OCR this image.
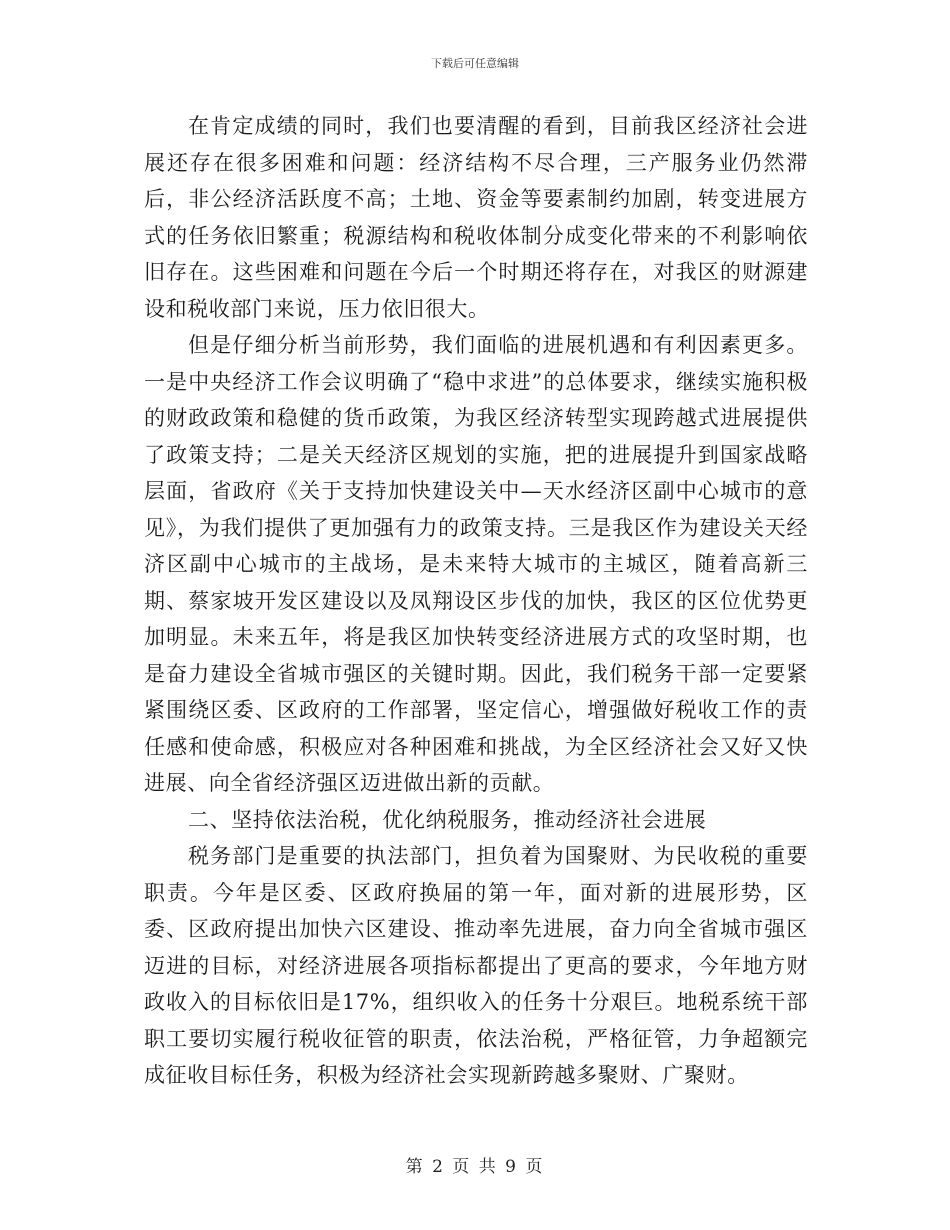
下载后可任意编辑

在肯定成绩的同时，我们也要清醒的看到，目前我区经济社会进展还存在很多困难和问题：经济结构不尽合理，三产服务业仍然滞后，非公经济活跃度不高；土地、资金等要素制约加剧，转变进展方式的任务依旧繁重；税源结构和税收体制分成变化带来的不利影响依旧存在。这些困难和问题在今后一个时期还将存在，对我区的财源建设和税收部门来说，压力依旧很大。

但是仔细分析当前形势，我们面临的进展机遇和有利因素更多。一是中央经济工作会议明确了“稳中求进”的总体要求，继续实施积极的财政政策和稳健的货币政策，为我区经济转型实现跨越式进展提供了政策支持；二是关天经济区规划的实施，把的进展提升到国家战略层面，省政府《关于支持加快建设关中—天水经济区副中心城市的意见》，为我们提供了更加强有力的政策支持。三是我区作为建设关天经济区副中心城市的主战场，是未来特大城市的主城区，随着高新三期、蔡家坡开发区建设以及凤翔设区步伐的加快，我区的区位优势更加明显。未来五年，将是我区加快转变经济进展方式的攻坚时期，也是奋力建设全省城市强区的关键时期。因此，我们税务干部一定要紧紧围绕区委、区政府的工作部署，坚定信心，增强做好税收工作的责任感和使命感，积极应对各种困难和挑战，为全区经济社会又好又快进展、向全省经济强区迈进做出新的贡献。

二、坚持依法治税，优化纳税服务，推动经济社会进展

税务部门是重要的执法部门，担负着为国聚财、为民收税的重要职责。今年是区委、区政府换届的第一年，面对新的进展形势，区委、区政府提出加快六区建设、推动率先进展，奋力向全省城市强区迈进的目标，对经济进展各项指标都提出了更高的要求，今年地方财政收入的目标依旧是17%，组织收入的任务十分艰巨。地税系统干部职工要切实履行税收征管的职责，依法治税，严格征管，力争超额完成征收目标任务，积极为经济社会实现新跨越多聚财、广聚财。

第 2 页 共 9 页
